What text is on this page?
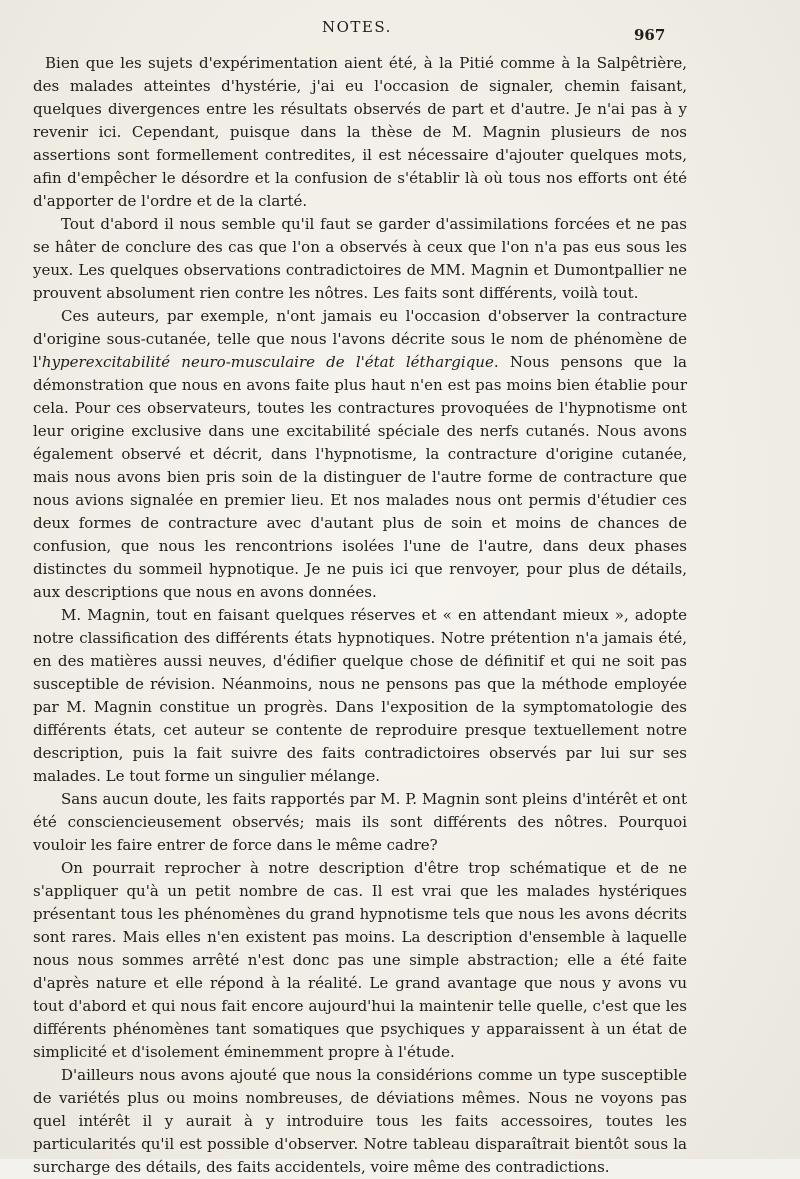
NOTES.	967

Bien que les sujets d'expérimentation aient été, à la Pitié comme à la Salpêtrière, des malades atteintes d'hystérie, j'ai eu l'occasion de signaler, chemin faisant, quelques divergences entre les résultats observés de part et d'autre. Je n'ai pas à y revenir ici. Cependant, puisque dans la thèse de M. Magnin plusieurs de nos assertions sont formellement contredites, il est nécessaire d'ajouter quelques mots, afin d'empêcher le désordre et la confusion de s'établir là où tous nos efforts ont été d'apporter de l'ordre et de la clarté.

Tout d'abord il nous semble qu'il faut se garder d'assimilations forcées et ne pas se hâter de conclure des cas que l'on a observés à ceux que l'on n'a pas eus sous les yeux. Les quelques observations contradictoires de MM. Magnin et Dumontpallier ne prouvent absolument rien contre les nôtres. Les faits sont différents, voilà tout.

Ces auteurs, par exemple, n'ont jamais eu l'occasion d'observer la contracture d'origine sous-cutanée, telle que nous l'avons décrite sous le nom de phénomène de l'hyperexcitabilité neuro-musculaire de l'état léthargique. Nous pensons que la démonstration que nous en avons faite plus haut n'en est pas moins bien établie pour cela. Pour ces observateurs, toutes les contractures provoquées de l'hypnotisme ont leur origine exclusive dans une excitabilité spéciale des nerfs cutanés. Nous avons également observé et décrit, dans l'hypnotisme, la contracture d'origine cutanée, mais nous avons bien pris soin de la distinguer de l'autre forme de contracture que nous avions signalée en premier lieu. Et nos malades nous ont permis d'étudier ces deux formes de contracture avec d'autant plus de soin et moins de chances de confusion, que nous les rencontrions isolées l'une de l'autre, dans deux phases distinctes du sommeil hypnotique. Je ne puis ici que renvoyer, pour plus de détails, aux descriptions que nous en avons données.

M. Magnin, tout en faisant quelques réserves et « en attendant mieux », adopte notre classification des différents états hypnotiques. Notre prétention n'a jamais été, en des matières aussi neuves, d'édifier quelque chose de définitif et qui ne soit pas susceptible de révision. Néanmoins, nous ne pensons pas que la méthode employée par M. Magnin constitue un progrès. Dans l'exposition de la symptomatologie des différents états, cet auteur se contente de reproduire presque textuellement notre description, puis la fait suivre des faits contradictoires observés par lui sur ses malades. Le tout forme un singulier mélange.

Sans aucun doute, les faits rapportés par M. P. Magnin sont pleins d'intérêt et ont été consciencieusement observés; mais ils sont différents des nôtres. Pourquoi vouloir les faire entrer de force dans le même cadre?

On pourrait reprocher à notre description d'être trop schématique et de ne s'appliquer qu'à un petit nombre de cas. Il est vrai que les malades hystériques présentant tous les phénomènes du grand hypnotisme tels que nous les avons décrits sont rares. Mais elles n'en existent pas moins. La description d'ensemble à laquelle nous nous sommes arrêté n'est donc pas une simple abstraction; elle a été faite d'après nature et elle répond à la réalité. Le grand avantage que nous y avons vu tout d'abord et qui nous fait encore aujourd'hui la maintenir telle quelle, c'est que les différents phénomènes tant somatiques que psychiques y apparaissent à un état de simplicité et d'isolement éminemment propre à l'étude.

D'ailleurs nous avons ajouté que nous la considérions comme un type susceptible de variétés plus ou moins nombreuses, de déviations mêmes. Nous ne voyons pas quel intérêt il y aurait à y introduire tous les faits accessoires, toutes les particularités qu'il est possible d'observer. Notre tableau disparaîtrait bientôt sous la surcharge des détails, des faits accidentels, voire même des contradictions.
